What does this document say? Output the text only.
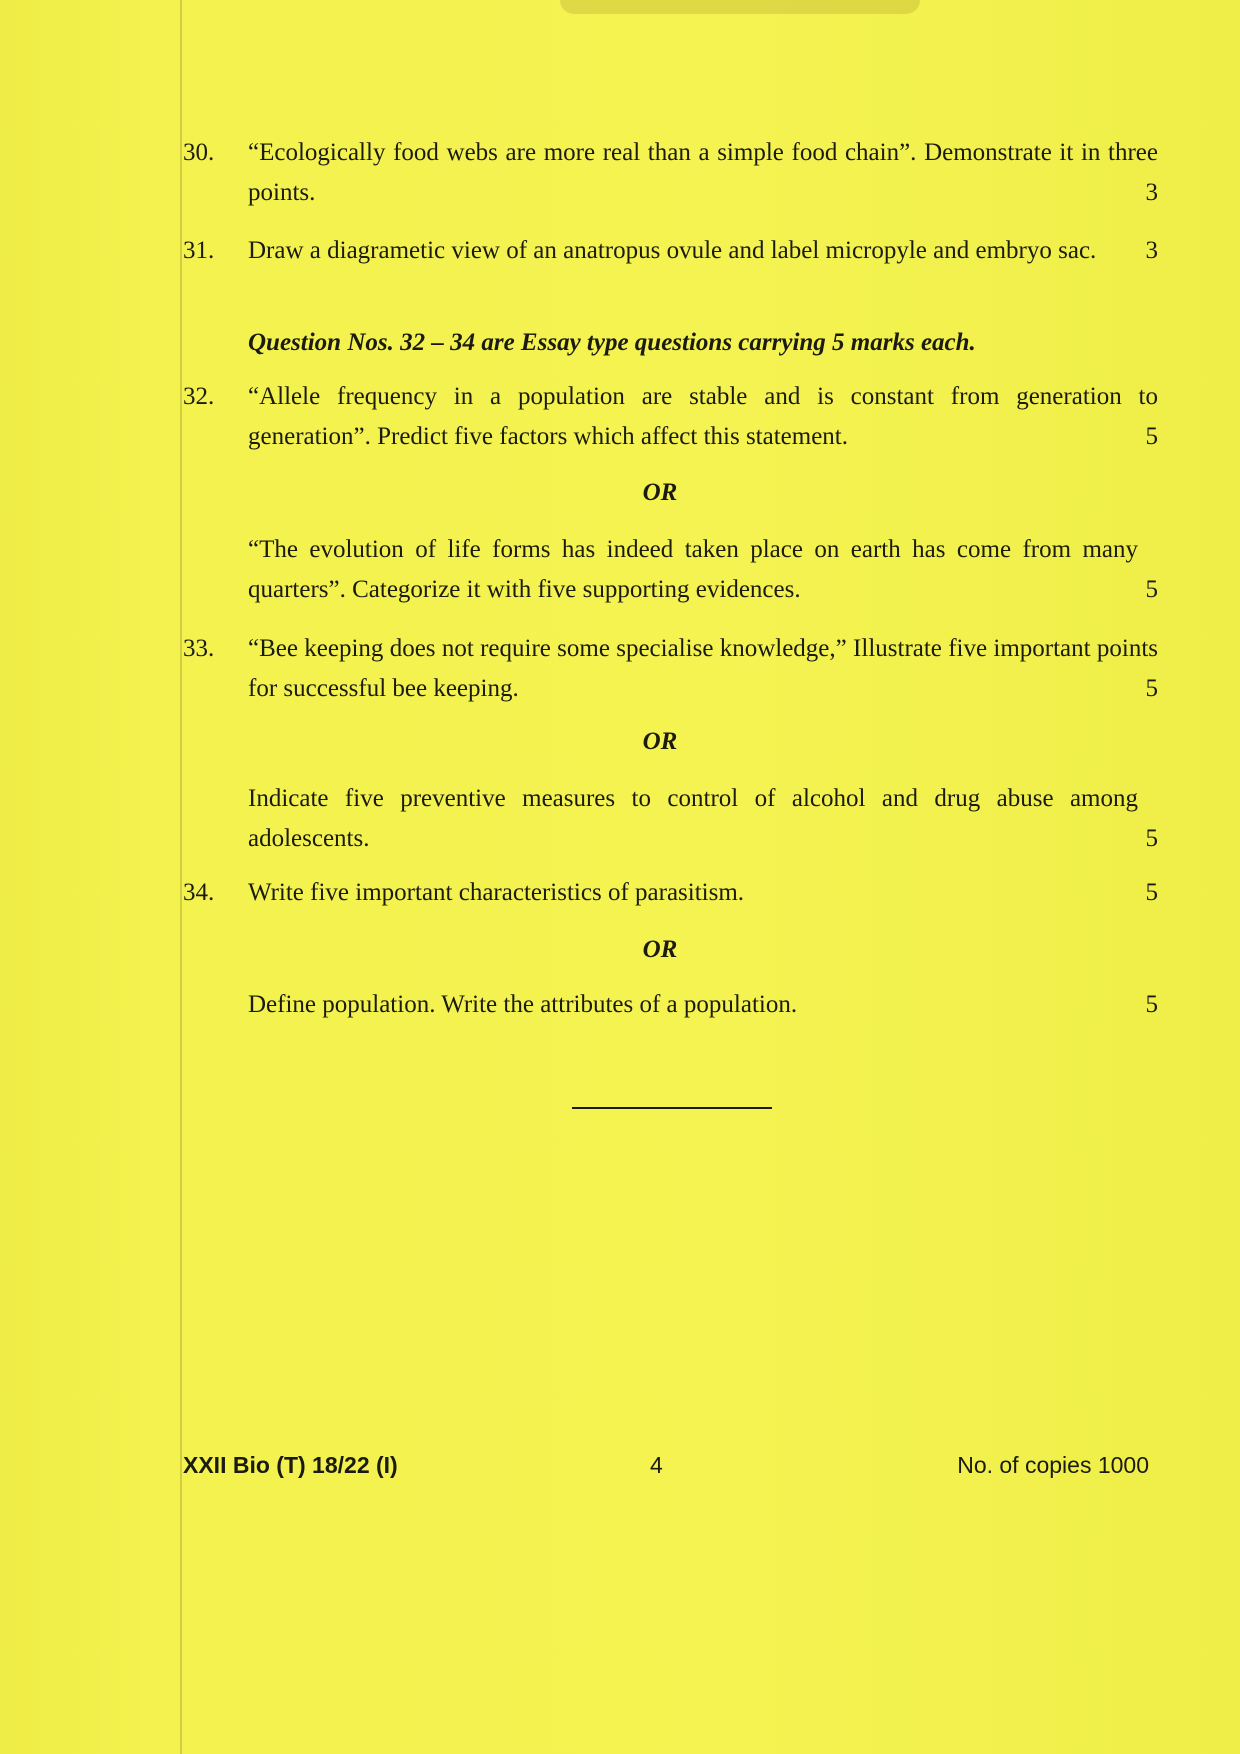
30.	“Ecologically food webs are more real than a simple food chain”. Demonstrate it in three points.	3
31.	Draw a diagrametic view of an anatropus ovule and label micropyle and embryo sac.	3
Question Nos. 32 – 34 are Essay type questions carrying 5 marks each.
32.	“Allele frequency in a population are stable and is constant from generation to generation”. Predict five factors which affect this statement.	5
OR
“The evolution of life forms has indeed taken place on earth has come from many quarters”. Categorize it with five supporting evidences.	5
33.	“Bee keeping does not require some specialise knowledge,” Illustrate five important points for successful bee keeping.	5
OR
Indicate five preventive measures to control of alcohol and drug abuse among adolescents.	5
34.	Write five important characteristics of parasitism.	5
OR
Define population. Write the attributes of a population.	5
XXII Bio (T) 18/22 (I)	4	No. of copies 1000
